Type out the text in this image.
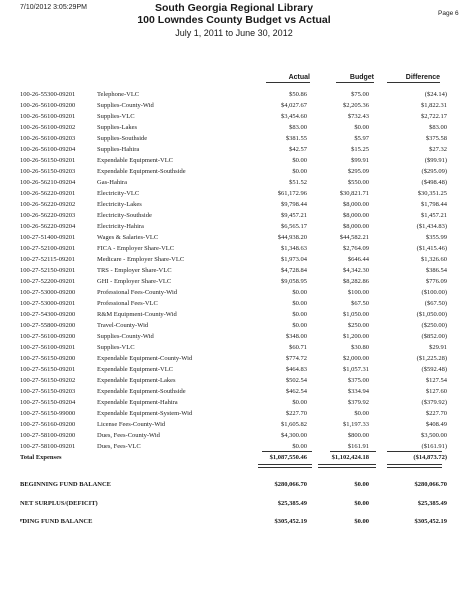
7/10/2012 3:05:29PM
Page 6
South Georgia Regional Library
100 Lowndes County Budget vs Actual
July 1, 2011 to June 30, 2012
Actual	Budget	Difference
100-26-55300-09201	Telephone-VLC	$50.86	$75.00	($24.14)
100-26-56100-09200	Supplies-County-Wid	$4,027.67	$2,205.36	$1,822.31
100-26-56100-09201	Supplies-VLC	$3,454.60	$732.43	$2,722.17
100-26-56100-09202	Supplies-Lakes	$83.00	$0.00	$83.00
100-26-56100-09203	Supplies-Southside	$381.55	$5.97	$375.58
100-26-56100-09204	Supplies-Hahira	$42.57	$15.25	$27.32
100-26-56150-09201	Expendable Equipment-VLC	$0.00	$99.91	($99.91)
100-26-56150-09203	Expendable Equipment-Southside	$0.00	$295.09	($295.09)
100-26-56210-09204	Gas-Hahira	$51.52	$550.00	($498.48)
100-26-56220-09201	Electricity-VLC	$61,172.96	$30,821.71	$30,351.25
100-26-56220-09202	Electricity-Lakes	$9,798.44	$8,000.00	$1,798.44
100-26-56220-09203	Electricity-Southside	$9,457.21	$8,000.00	$1,457.21
100-26-56220-09204	Electricity-Hahira	$6,565.17	$8,000.00	($1,434.83)
100-27-51400-09201	Wages & Salaries-VLC	$44,938.20	$44,582.21	$355.99
100-27-52100-09201	FICA - Employer Share-VLC	$1,348.63	$2,764.09	($1,415.46)
100-27-52115-09201	Medicare - Employer Share-VLC	$1,973.04	$646.44	$1,326.60
100-27-52150-09201	TRS - Employer Share-VLC	$4,728.84	$4,342.30	$386.54
100-27-52200-09201	GHI - Employer Share-VLC	$9,058.95	$8,282.86	$776.09
100-27-53000-09200	Professional Fees-County-Wid	$0.00	$100.00	($100.00)
100-27-53000-09201	Professional Fees-VLC	$0.00	$67.50	($67.50)
100-27-54300-09200	R&M Equipment-County-Wid	$0.00	$1,050.00	($1,050.00)
100-27-55800-09200	Travel-County-Wid	$0.00	$250.00	($250.00)
100-27-56100-09200	Supplies-County-Wid	$348.00	$1,200.00	($852.00)
100-27-56100-09201	Supplies-VLC	$60.71	$30.80	$29.91
100-27-56150-09200	Expendable Equipment-County-Wid	$774.72	$2,000.00	($1,225.28)
100-27-56150-09201	Expendable Equipment-VLC	$464.83	$1,057.31	($592.48)
100-27-56150-09202	Expendable Equipment-Lakes	$502.54	$375.00	$127.54
100-27-56150-09203	Expendable Equipment-Southside	$462.54	$334.94	$127.60
100-27-56150-09204	Expendable Equipment-Hahira	$0.00	$379.92	($379.92)
100-27-56150-99000	Expendable Equipment-System-Wid	$227.70	$0.00	$227.70
100-27-56160-09200	License Fees-County-Wid	$1,605.82	$1,197.33	$408.49
100-27-58100-09200	Dues, Fees-County-Wid	$4,300.00	$800.00	$3,500.00
100-27-58100-09201	Dues, Fees-VLC	$0.00	$161.91	($161.91)
Total Expenses	$1,087,550.46	$1,102,424.18	($14,873.72)
BEGINNING FUND BALANCE	$280,066.70	$0.00	$280,066.70
NET SURPLUS/(DEFICIT)	$25,385.49	$0.00	$25,385.49
ᴾDING FUND BALANCE	$305,452.19	$0.00	$305,452.19
